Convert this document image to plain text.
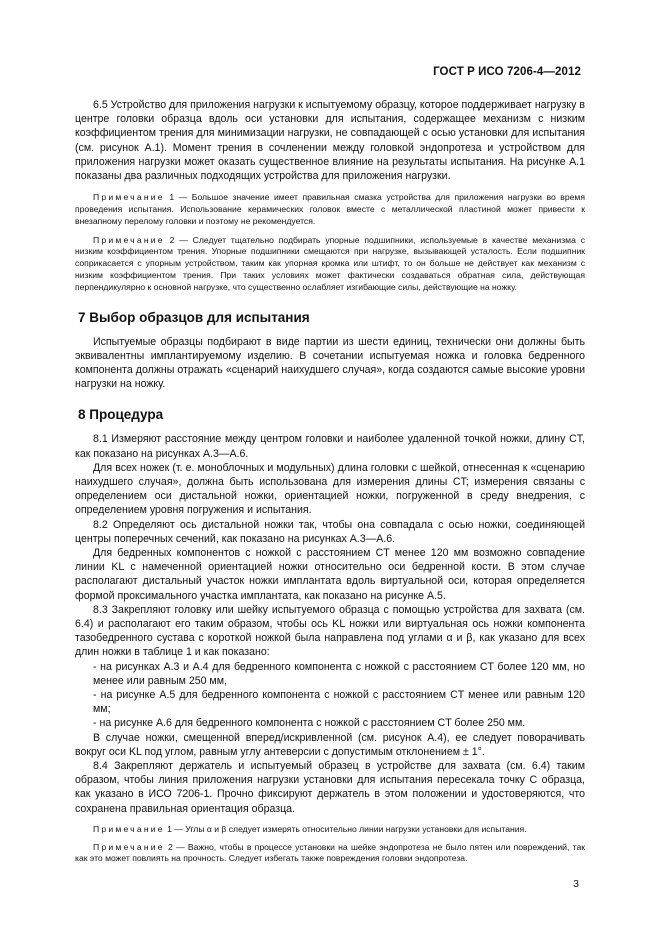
ГОСТ Р ИСО 7206-4—2012

6.5 Устройство для приложения нагрузки к испытуемому образцу, которое поддерживает нагрузку в центре головки образца вдоль оси установки для испытания, содержащее механизм с низким коэффициентом трения для минимизации нагрузки, не совпадающей с осью установки для испытания (см. рисунок А.1). Момент трения в сочленении между головкой эндопротеза и устройством для приложения нагрузки может оказать существенное влияние на результаты испытания. На рисунке А.1 показаны два различных подходящих устройства для приложения нагрузки.

Примечание 1 — Большое значение имеет правильная смазка устройства для приложения нагрузки во время проведения испытания. Использование керамических головок вместе с металлической пластиной может привести к внезапному перелому головки и поэтому не рекомендуется.

Примечание 2 — Следует тщательно подбирать упорные подшипники, используемые в качестве механизма с низким коэффициентом трения. Упорные подшипники смещаются при нагрузке, вызывающей усталость. Если подшипник соприкасается с упорным устройством, таким как упорная кромка или штифт, то он больше не действует как механизм с низким коэффициентом трения. При таких условиях может фактически создаваться обратная сила, действующая перпендикулярно к основной нагрузке, что существенно ослабляет изгибающие силы, действующие на ножку.

7 Выбор образцов для испытания

Испытуемые образцы подбирают в виде партии из шести единиц, технически они должны быть эквивалентны имплантируемому изделию. В сочетании испытуемая ножка и головка бедренного компонента должны отражать «сценарий наихудшего случая», когда создаются самые высокие уровни нагрузки на ножку.

8 Процедура

8.1 Измеряют расстояние между центром головки и наиболее удаленной точкой ножки, длину CT, как показано на рисунках А.3—А.6.

Для всех ножек (т. е. моноблочных и модульных) длина головки с шейкой, отнесенная к «сценарию наихудшего случая», должна быть использована для измерения длины CT; измерения связаны с определением оси дистальной ножки, ориентацией ножки, погруженной в среду внедрения, с определением уровня погружения и испытания.

8.2 Определяют ось дистальной ножки так, чтобы она совпадала с осью ножки, соединяющей центры поперечных сечений, как показано на рисунках А.3—А.6.

Для бедренных компонентов с ножкой с расстоянием CT менее 120 мм возможно совпадение линии KL с намеченной ориентацией ножки относительно оси бедренной кости. В этом случае располагают дистальный участок ножки имплантата вдоль виртуальной оси, которая определяется формой проксимального участка имплантата, как показано на рисунке А.5.

8.3 Закрепляют головку или шейку испытуемого образца с помощью устройства для захвата (см. 6.4) и располагают его таким образом, чтобы ось KL ножки или виртуальная ось ножки компонента тазобедренного сустава с короткой ножкой была направлена под углами α и β, как указано для всех длин ножки в таблице 1 и как показано:

- на рисунках А.3 и А.4 для бедренного компонента с ножкой с расстоянием CT более 120 мм, но менее или равным 250 мм,

- на рисунке А.5 для бедренного компонента с ножкой с расстоянием CT менее или равным 120 мм;

- на рисунке А.6 для бедренного компонента с ножкой с расстоянием CT более 250 мм.

В случае ножки, смещенной вперед/искривленной (см. рисунок А.4), ее следует поворачивать вокруг оси KL под углом, равным углу антеверсии с допустимым отклонением ± 1°.

8.4 Закрепляют держатель и испытуемый образец в устройстве для захвата (см. 6.4) таким образом, чтобы линия приложения нагрузки установки для испытания пересекала точку C образца, как указано в ИСО 7206-1. Прочно фиксируют держатель в этом положении и удостоверяются, что сохранена правильная ориентация образца.

Примечание 1 — Углы α и β следует измерять относительно линии нагрузки установки для испытания.

Примечание 2 — Важно, чтобы в процессе установки на шейке эндопротеза не было пятен или повреждений, так как это может повлиять на прочность. Следует избегать также повреждения головки эндопротеза.

3
